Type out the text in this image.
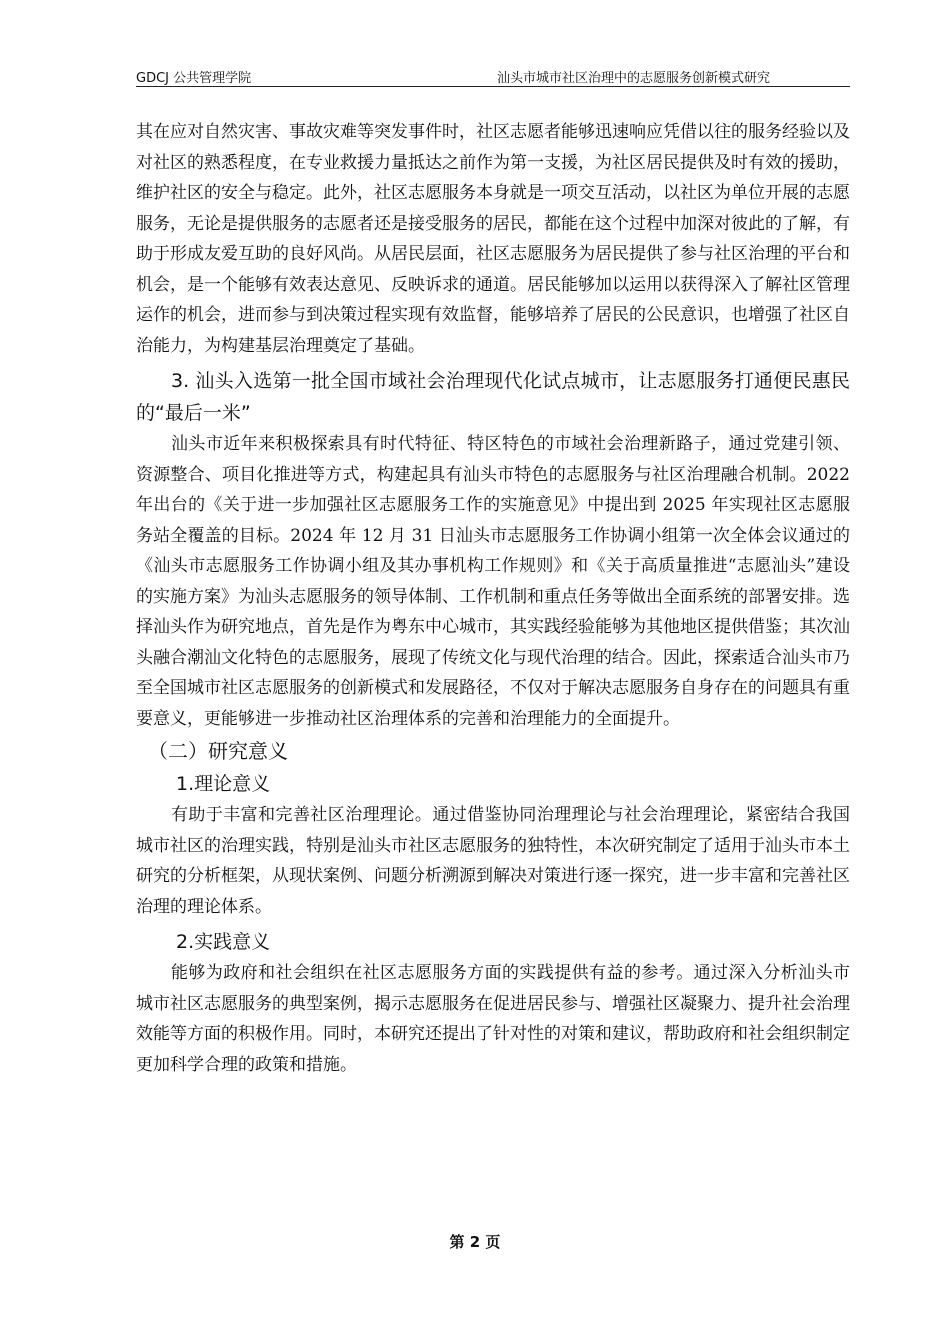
GDCJ 公共管理学院	汕头市城市社区治理中的志愿服务创新模式研究

其在应对自然灾害、事故灾难等突发事件时，社区志愿者能够迅速响应凭借以往的服务经验以及对社区的熟悉程度，在专业救援力量抵达之前作为第一支援，为社区居民提供及时有效的援助，维护社区的安全与稳定。此外，社区志愿服务本身就是一项交互活动，以社区为单位开展的志愿服务，无论是提供服务的志愿者还是接受服务的居民，都能在这个过程中加深对彼此的了解，有助于形成友爱互助的良好风尚。从居民层面，社区志愿服务为居民提供了参与社区治理的平台和机会，是一个能够有效表达意见、反映诉求的通道。居民能够加以运用以获得深入了解社区管理运作的机会，进而参与到决策过程实现有效监督，能够培养了居民的公民意识，也增强了社区自治能力，为构建基层治理奠定了基础。

3. 汕头入选第一批全国市域社会治理现代化试点城市，让志愿服务打通便民惠民的“最后一米”

汕头市近年来积极探索具有时代特征、特区特色的市域社会治理新路子，通过党建引领、资源整合、项目化推进等方式，构建起具有汕头市特色的志愿服务与社区治理融合机制。2022 年出台的《关于进一步加强社区志愿服务工作的实施意见》中提出到 2025 年实现社区志愿服务站全覆盖的目标。2024 年 12 月 31 日汕头市志愿服务工作协调小组第一次全体会议通过的《汕头市志愿服务工作协调小组及其办事机构工作规则》和《关于高质量推进“志愿汕头”建设的实施方案》为汕头志愿服务的领导体制、工作机制和重点任务等做出全面系统的部署安排。选择汕头作为研究地点，首先是作为粤东中心城市，其实践经验能够为其他地区提供借鉴；其次汕头融合潮汕文化特色的志愿服务，展现了传统文化与现代治理的结合。因此，探索适合汕头市乃至全国城市社区志愿服务的创新模式和发展路径，不仅对于解决志愿服务自身存在的问题具有重要意义，更能够进一步推动社区治理体系的完善和治理能力的全面提升。

（二）研究意义
1.理论意义

有助于丰富和完善社区治理理论。通过借鉴协同治理理论与社会治理理论，紧密结合我国城市社区的治理实践，特别是汕头市社区志愿服务的独特性，本次研究制定了适用于汕头市本土研究的分析框架，从现状案例、问题分析溯源到解决对策进行逐一探究，进一步丰富和完善社区治理的理论体系。

2.实践意义

能够为政府和社会组织在社区志愿服务方面的实践提供有益的参考。通过深入分析汕头市城市社区志愿服务的典型案例，揭示志愿服务在促进居民参与、增强社区凝聚力、提升社会治理效能等方面的积极作用。同时，本研究还提出了针对性的对策和建议，帮助政府和社会组织制定更加科学合理的政策和措施。

第 2 页
